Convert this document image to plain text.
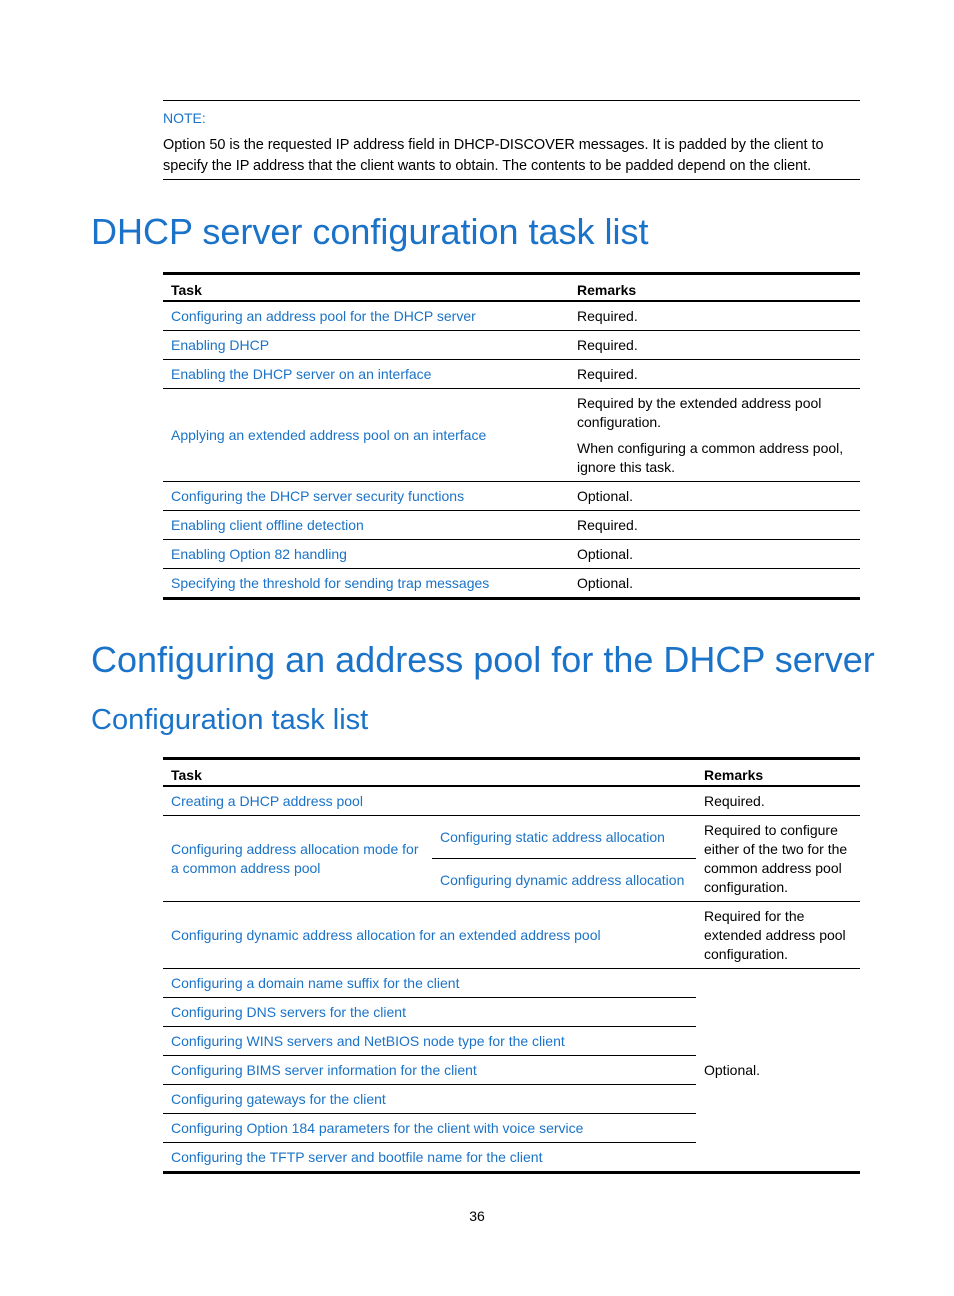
NOTE:
Option 50 is the requested IP address field in DHCP-DISCOVER messages. It is padded by the client to specify the IP address that the client wants to obtain. The contents to be padded depend on the client.
DHCP server configuration task list
Task	Remarks
Configuring an address pool for the DHCP server	Required.
Enabling DHCP	Required.
Enabling the DHCP server on an interface	Required.
Applying an extended address pool on an interface	Required by the extended address pool configuration.

When configuring a common address pool, ignore this task.

Configuring the DHCP server security functions	Optional.
Enabling client offline detection	Required.
Enabling Option 82 handling	Optional.
Specifying the threshold for sending trap messages	Optional.
Configuring an address pool for the DHCP server
Configuration task list
Task		Remarks
Creating a DHCP address pool		Required.
Configuring address allocation mode for a common address pool	Configuring static address allocation	Required to configure either of the two for the common address pool configuration.
	Configuring dynamic address allocation	
Configuring dynamic address allocation for an extended address pool		Required for the extended address pool configuration.
Configuring a domain name suffix for the client		Optional.
Configuring DNS servers for the client		
Configuring WINS servers and NetBIOS node type for the client		
Configuring BIMS server information for the client		
Configuring gateways for the client		
Configuring Option 184 parameters for the client with voice service		
Configuring the TFTP server and bootfile name for the client		
36
